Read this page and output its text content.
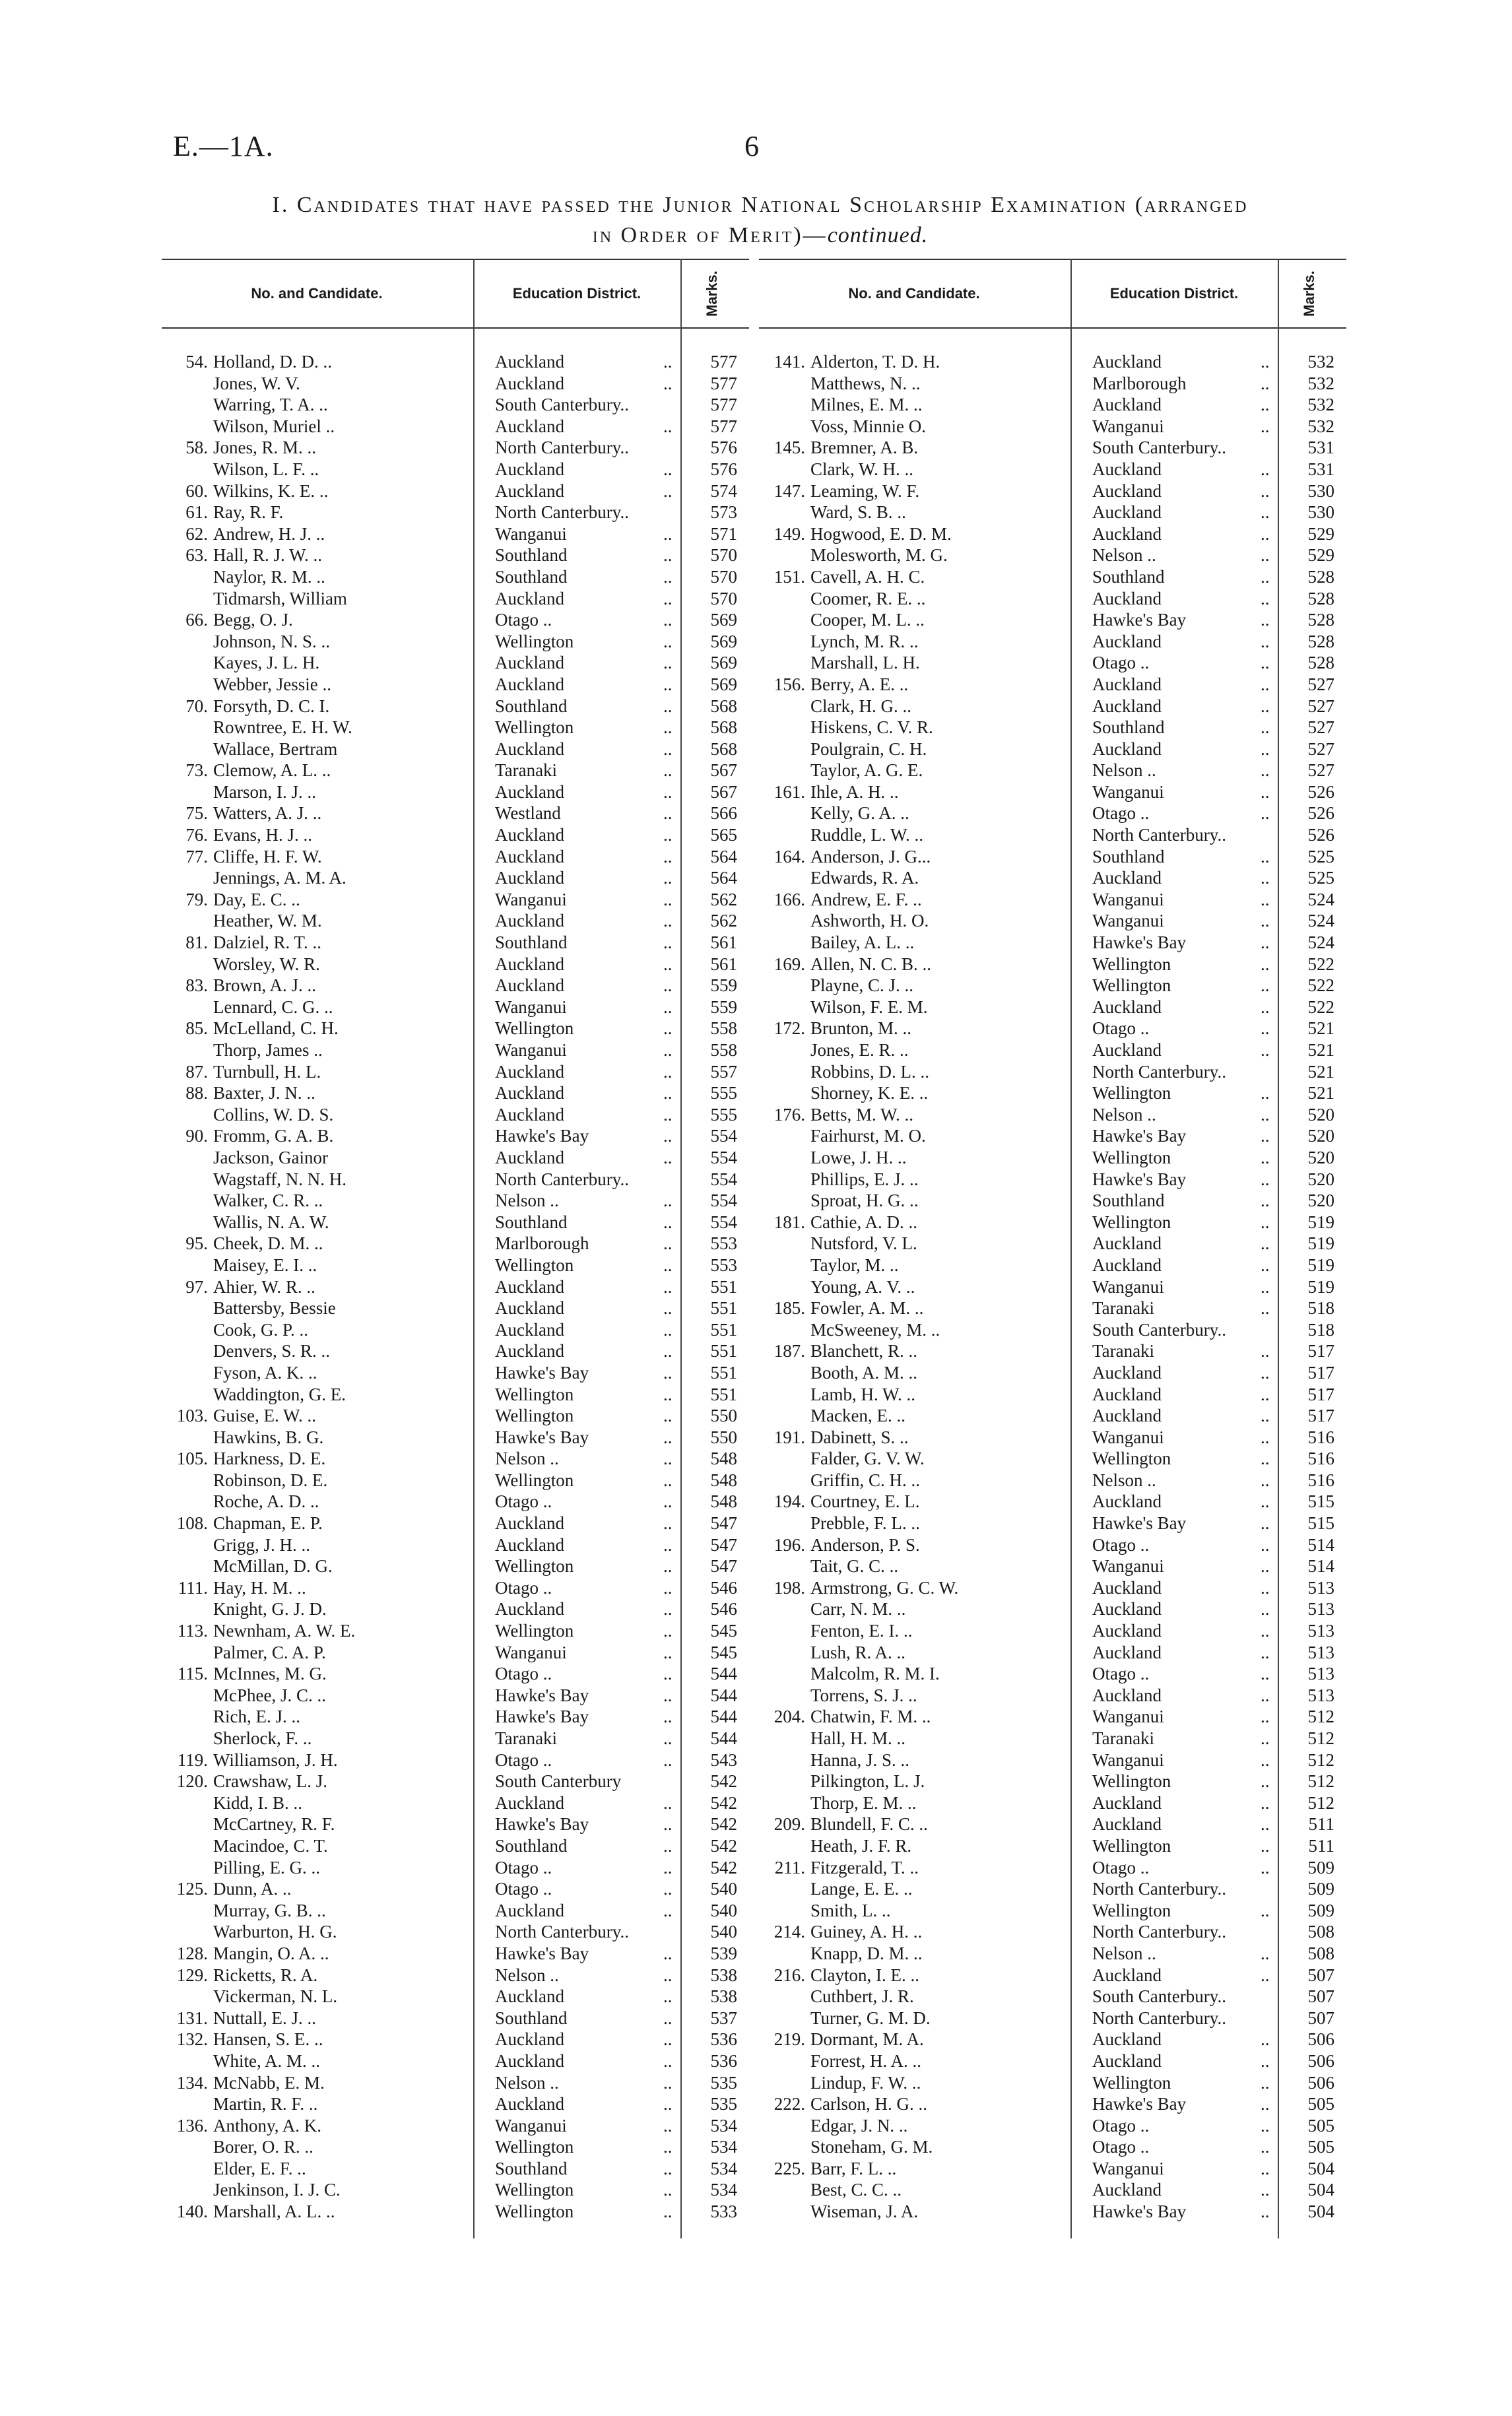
E.—1A.	6
I. Candidates that have passed the Junior National Scholarship Examination (arranged
in Order of Merit)—continued.
No. and Candidate.	Education District.	Marks.
54. Holland, D. D. ..	Auckland	..	577
Jones, W. V.	Auckland	..	577
Warring, T. A. ..	South Canterbury..	577
Wilson, Muriel ..	Auckland	..	577
58. Jones, R. M. ..	North Canterbury..	576
Wilson, L. F. ..	Auckland	..	576
60. Wilkins, K. E. ..	Auckland	..	574
61. Ray, R. F.	North Canterbury..	573
62. Andrew, H. J. ..	Wanganui	..	571
63. Hall, R. J. W. ..	Southland	..	570
Naylor, R. M. ..	Southland	..	570
Tidmarsh, William	Auckland	..	570
66. Begg, O. J.	Otago ..	..	569
Johnson, N. S. ..	Wellington	..	569
Kayes, J. L. H.	Auckland	..	569
Webber, Jessie ..	Auckland	..	569
70. Forsyth, D. C. I.	Southland	..	568
Rowntree, E. H. W.	Wellington	..	568
Wallace, Bertram	Auckland	..	568
73. Clemow, A. L. ..	Taranaki	..	567
Marson, I. J. ..	Auckland	..	567
75. Watters, A. J. ..	Westland	..	566
76. Evans, H. J. ..	Auckland	..	565
77. Cliffe, H. F. W.	Auckland	..	564
Jennings, A. M. A.	Auckland	..	564
79. Day, E. C. ..	Wanganui	..	562
Heather, W. M.	Auckland	..	562
81. Dalziel, R. T. ..	Southland	..	561
Worsley, W. R.	Auckland	..	561
83. Brown, A. J. ..	Auckland	..	559
Lennard, C. G. ..	Wanganui	..	559
85. McLelland, C. H.	Wellington	..	558
Thorp, James ..	Wanganui	..	558
87. Turnbull, H. L.	Auckland	..	557
88. Baxter, J. N. ..	Auckland	..	555
Collins, W. D. S.	Auckland	..	555
90. Fromm, G. A. B.	Hawke's Bay	..	554
Jackson, Gainor	Auckland	..	554
Wagstaff, N. N. H.	North Canterbury..	554
Walker, C. R. ..	Nelson ..	..	554
Wallis, N. A. W.	Southland	..	554
95. Cheek, D. M. ..	Marlborough	..	553
Maisey, E. I. ..	Wellington	..	553
97. Ahier, W. R. ..	Auckland	..	551
Battersby, Bessie	Auckland	..	551
Cook, G. P. ..	Auckland	..	551
Denvers, S. R. ..	Auckland	..	551
Fyson, A. K. ..	Hawke's Bay	..	551
Waddington, G. E.	Wellington	..	551
103. Guise, E. W. ..	Wellington	..	550
Hawkins, B. G.	Hawke's Bay	..	550
105. Harkness, D. E.	Nelson ..	..	548
Robinson, D. E.	Wellington	..	548
Roche, A. D. ..	Otago ..	..	548
108. Chapman, E. P.	Auckland	..	547
Grigg, J. H. ..	Auckland	..	547
McMillan, D. G.	Wellington	..	547
111. Hay, H. M. ..	Otago ..	..	546
Knight, G. J. D.	Auckland	..	546
113. Newnham, A. W. E.	Wellington	..	545
Palmer, C. A. P.	Wanganui	..	545
115. McInnes, M. G.	Otago ..	..	544
McPhee, J. C. ..	Hawke's Bay	..	544
Rich, E. J. ..	Hawke's Bay	..	544
Sherlock, F. ..	Taranaki	..	544
119. Williamson, J. H.	Otago ..	..	543
120. Crawshaw, L. J.	South Canterbury	542
Kidd, I. B. ..	Auckland	..	542
McCartney, R. F.	Hawke's Bay	..	542
Macindoe, C. T.	Southland	..	542
Pilling, E. G. ..	Otago ..	..	542
125. Dunn, A. ..	Otago ..	..	540
Murray, G. B. ..	Auckland	..	540
Warburton, H. G.	North Canterbury..	540
128. Mangin, O. A. ..	Hawke's Bay	..	539
129. Ricketts, R. A.	Nelson ..	..	538
Vickerman, N. L.	Auckland	..	538
131. Nuttall, E. J. ..	Southland	..	537
132. Hansen, S. E. ..	Auckland	..	536
White, A. M. ..	Auckland	..	536
134. McNabb, E. M.	Nelson ..	..	535
Martin, R. F. ..	Auckland	..	535
136. Anthony, A. K.	Wanganui	..	534
Borer, O. R. ..	Wellington	..	534
Elder, E. F. ..	Southland	..	534
Jenkinson, I. J. C.	Wellington	..	534
140. Marshall, A. L. ..	Wellington	..	533
No. and Candidate.	Education District.	Marks.
141. Alderton, T. D. H.	Auckland	..	532
Matthews, N. ..	Marlborough	..	532
Milnes, E. M. ..	Auckland	..	532
Voss, Minnie O.	Wanganui	..	532
145. Bremner, A. B.	South Canterbury..	531
Clark, W. H. ..	Auckland	..	531
147. Leaming, W. F.	Auckland	..	530
Ward, S. B. ..	Auckland	..	530
149. Hogwood, E. D. M.	Auckland	..	529
Molesworth, M. G.	Nelson ..	..	529
151. Cavell, A. H. C.	Southland	..	528
Coomer, R. E. ..	Auckland	..	528
Cooper, M. L. ..	Hawke's Bay	..	528
Lynch, M. R. ..	Auckland	..	528
Marshall, L. H.	Otago ..	..	528
156. Berry, A. E. ..	Auckland	..	527
Clark, H. G. ..	Auckland	..	527
Hiskens, C. V. R.	Southland	..	527
Poulgrain, C. H.	Auckland	..	527
Taylor, A. G. E.	Nelson ..	..	527
161. Ihle, A. H. ..	Wanganui	..	526
Kelly, G. A. ..	Otago ..	..	526
Ruddle, L. W. ..	North Canterbury..	526
164. Anderson, J. G...	Southland	..	525
Edwards, R. A.	Auckland	..	525
166. Andrew, E. F. ..	Wanganui	..	524
Ashworth, H. O.	Wanganui	..	524
Bailey, A. L. ..	Hawke's Bay	..	524
169. Allen, N. C. B. ..	Wellington	..	522
Playne, C. J. ..	Wellington	..	522
Wilson, F. E. M.	Auckland	..	522
172. Brunton, M. ..	Otago ..	..	521
Jones, E. R. ..	Auckland	..	521
Robbins, D. L. ..	North Canterbury..	521
Shorney, K. E. ..	Wellington	..	521
176. Betts, M. W. ..	Nelson ..	..	520
Fairhurst, M. O.	Hawke's Bay	..	520
Lowe, J. H. ..	Wellington	..	520
Phillips, E. J. ..	Hawke's Bay	..	520
Sproat, H. G. ..	Southland	..	520
181. Cathie, A. D. ..	Wellington	..	519
Nutsford, V. L.	Auckland	..	519
Taylor, M. ..	Auckland	..	519
Young, A. V. ..	Wanganui	..	519
185. Fowler, A. M. ..	Taranaki	..	518
McSweeney, M. ..	South Canterbury..	518
187. Blanchett, R. ..	Taranaki	..	517
Booth, A. M. ..	Auckland	..	517
Lamb, H. W. ..	Auckland	..	517
Macken, E. ..	Auckland	..	517
191. Dabinett, S. ..	Wanganui	..	516
Falder, G. V. W.	Wellington	..	516
Griffin, C. H. ..	Nelson ..	..	516
194. Courtney, E. L.	Auckland	..	515
Prebble, F. L. ..	Hawke's Bay	..	515
196. Anderson, P. S.	Otago ..	..	514
Tait, G. C. ..	Wanganui	..	514
198. Armstrong, G. C. W.	Auckland	..	513
Carr, N. M. ..	Auckland	..	513
Fenton, E. I. ..	Auckland	..	513
Lush, R. A. ..	Auckland	..	513
Malcolm, R. M. I.	Otago ..	..	513
Torrens, S. J. ..	Auckland	..	513
204. Chatwin, F. M. ..	Wanganui	..	512
Hall, H. M. ..	Taranaki	..	512
Hanna, J. S. ..	Wanganui	..	512
Pilkington, L. J.	Wellington	..	512
Thorp, E. M. ..	Auckland	..	512
209. Blundell, F. C. ..	Auckland	..	511
Heath, J. F. R.	Wellington	..	511
211. Fitzgerald, T. ..	Otago ..	..	509
Lange, E. E. ..	North Canterbury..	509
Smith, L. ..	Wellington	..	509
214. Guiney, A. H. ..	North Canterbury..	508
Knapp, D. M. ..	Nelson ..	..	508
216. Clayton, I. E. ..	Auckland	..	507
Cuthbert, J. R.	South Canterbury..	507
Turner, G. M. D.	North Canterbury..	507
219. Dormant, M. A.	Auckland	..	506
Forrest, H. A. ..	Auckland	..	506
Lindup, F. W. ..	Wellington	..	506
222. Carlson, H. G. ..	Hawke's Bay	..	505
Edgar, J. N. ..	Otago ..	..	505
Stoneham, G. M.	Otago ..	..	505
225. Barr, F. L. ..	Wanganui	..	504
Best, C. C. ..	Auckland	..	504
Wiseman, J. A.	Hawke's Bay	..	504
